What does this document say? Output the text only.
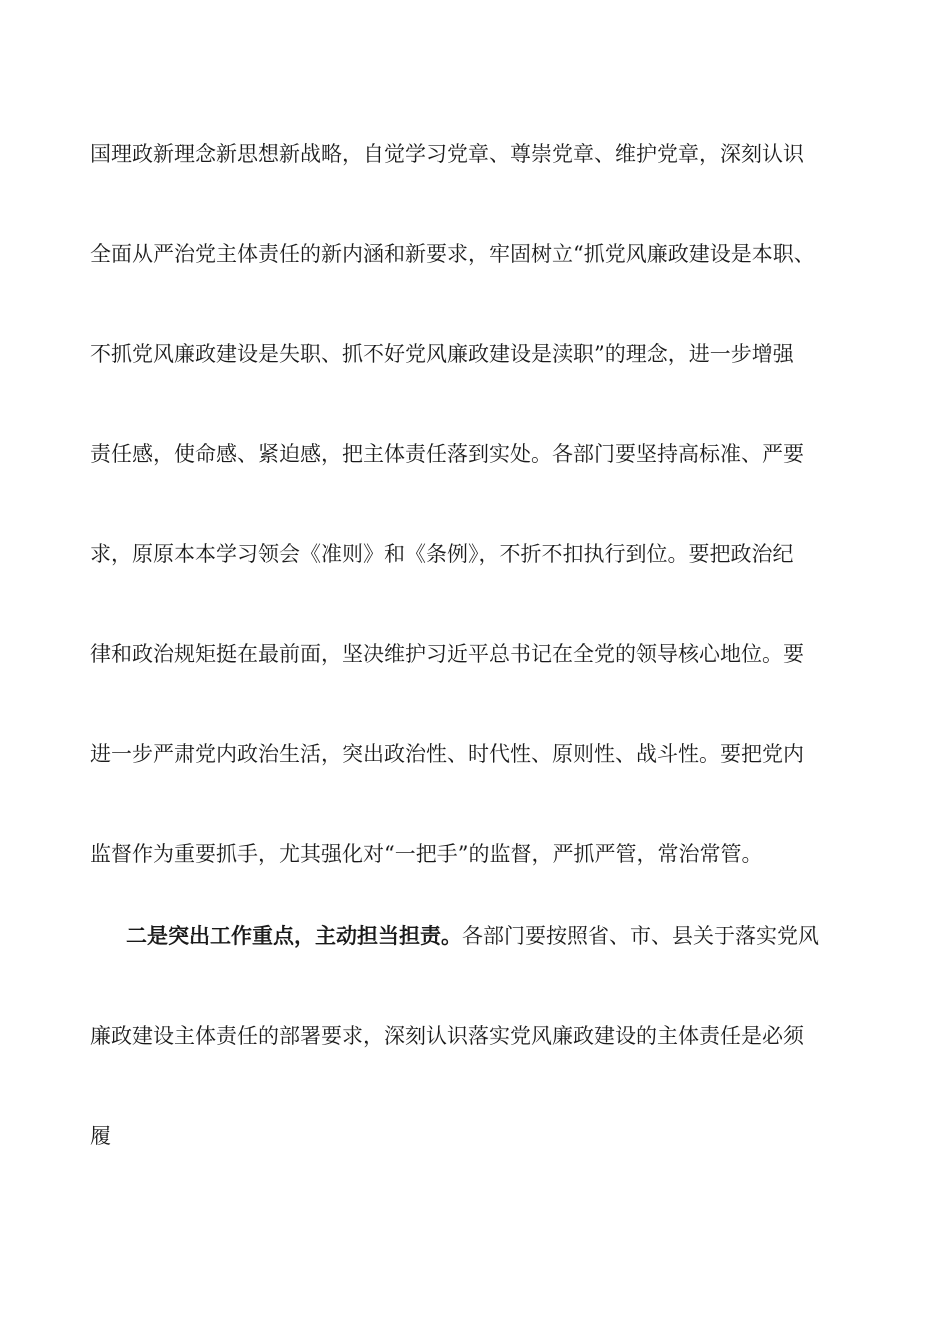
国理政新理念新思想新战略，自觉学习党章、尊崇党章、维护党章，深刻认识
全面从严治党主体责任的新内涵和新要求，牢固树立“抓党风廉政建设是本职、
不抓党风廉政建设是失职、抓不好党风廉政建设是渎职”的理念，进一步增强
责任感，使命感、紧迫感，把主体责任落到实处。各部门要坚持高标准、严要
求，原原本本学习领会《准则》和《条例》，不折不扣执行到位。要把政治纪
律和政治规矩挺在最前面，坚决维护习近平总书记在全党的领导核心地位。要
进一步严肃党内政治生活，突出政治性、时代性、原则性、战斗性。要把党内
监督作为重要抓手，尤其强化对“一把手”的监督，严抓严管，常治常管。
二是突出工作重点，主动担当担责。各部门要按照省、市、县关于落实党风
廉政建设主体责任的部署要求，深刻认识落实党风廉政建设的主体责任是必须
履
